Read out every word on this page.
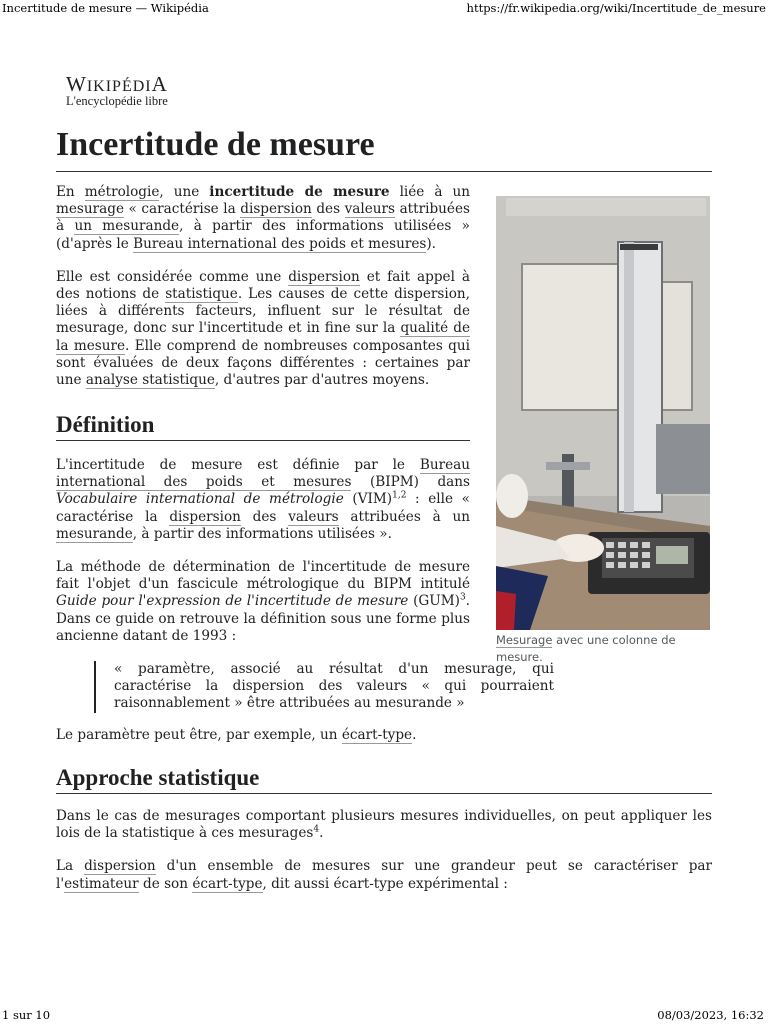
Incertitude de mesure — Wikipédia	https://fr.wikipedia.org/wiki/Incertitude_de_mesure
WIKIPÉDIA
L'encyclopédie libre
Incertitude de mesure

En métrologie, une incertitude de mesure liée à un mesurage « caractérise la dispersion des valeurs attribuées à un mesurande, à partir des informations utilisées » (d'après le Bureau international des poids et mesures).

Elle est considérée comme une dispersion et fait appel à des notions de statistique. Les causes de cette dispersion, liées à différents facteurs, influent sur le résultat de mesurage, donc sur l'incertitude et in fine sur la qualité de la mesure. Elle comprend de nombreuses composantes qui sont évaluées de deux façons différentes : certaines par une analyse statistique, d'autres par d'autres moyens.

Définition

L'incertitude de mesure est définie par le Bureau international des poids et mesures (BIPM) dans Vocabulaire international de métrologie (VIM)$^{1,2}$ : elle « caractérise la dispersion des valeurs attribuées à un mesurande, à partir des informations utilisées ».

La méthode de détermination de l'incertitude de mesure fait l'objet d'un fascicule métrologique du BIPM intitulé Guide pour l'expression de l'incertitude de mesure (GUM)$^3$. Dans ce guide on retrouve la définition sous une forme plus ancienne datant de 1993 :

« paramètre, associé au résultat d'un mesurage, qui caractérise la dispersion des valeurs « qui pourraient raisonnablement » être attribuées au mesurande »

Le paramètre peut être, par exemple, un écart-type.

Mesurage avec une colonne de mesure.
Approche statistique

Dans le cas de mesurages comportant plusieurs mesures individuelles, on peut appliquer les lois de la statistique à ces mesurages$^4$.

La dispersion d'un ensemble de mesures sur une grandeur peut se caractériser par l'estimateur de son écart-type, dit aussi écart-type expérimental :

1 sur 10	08/03/2023, 16:32
